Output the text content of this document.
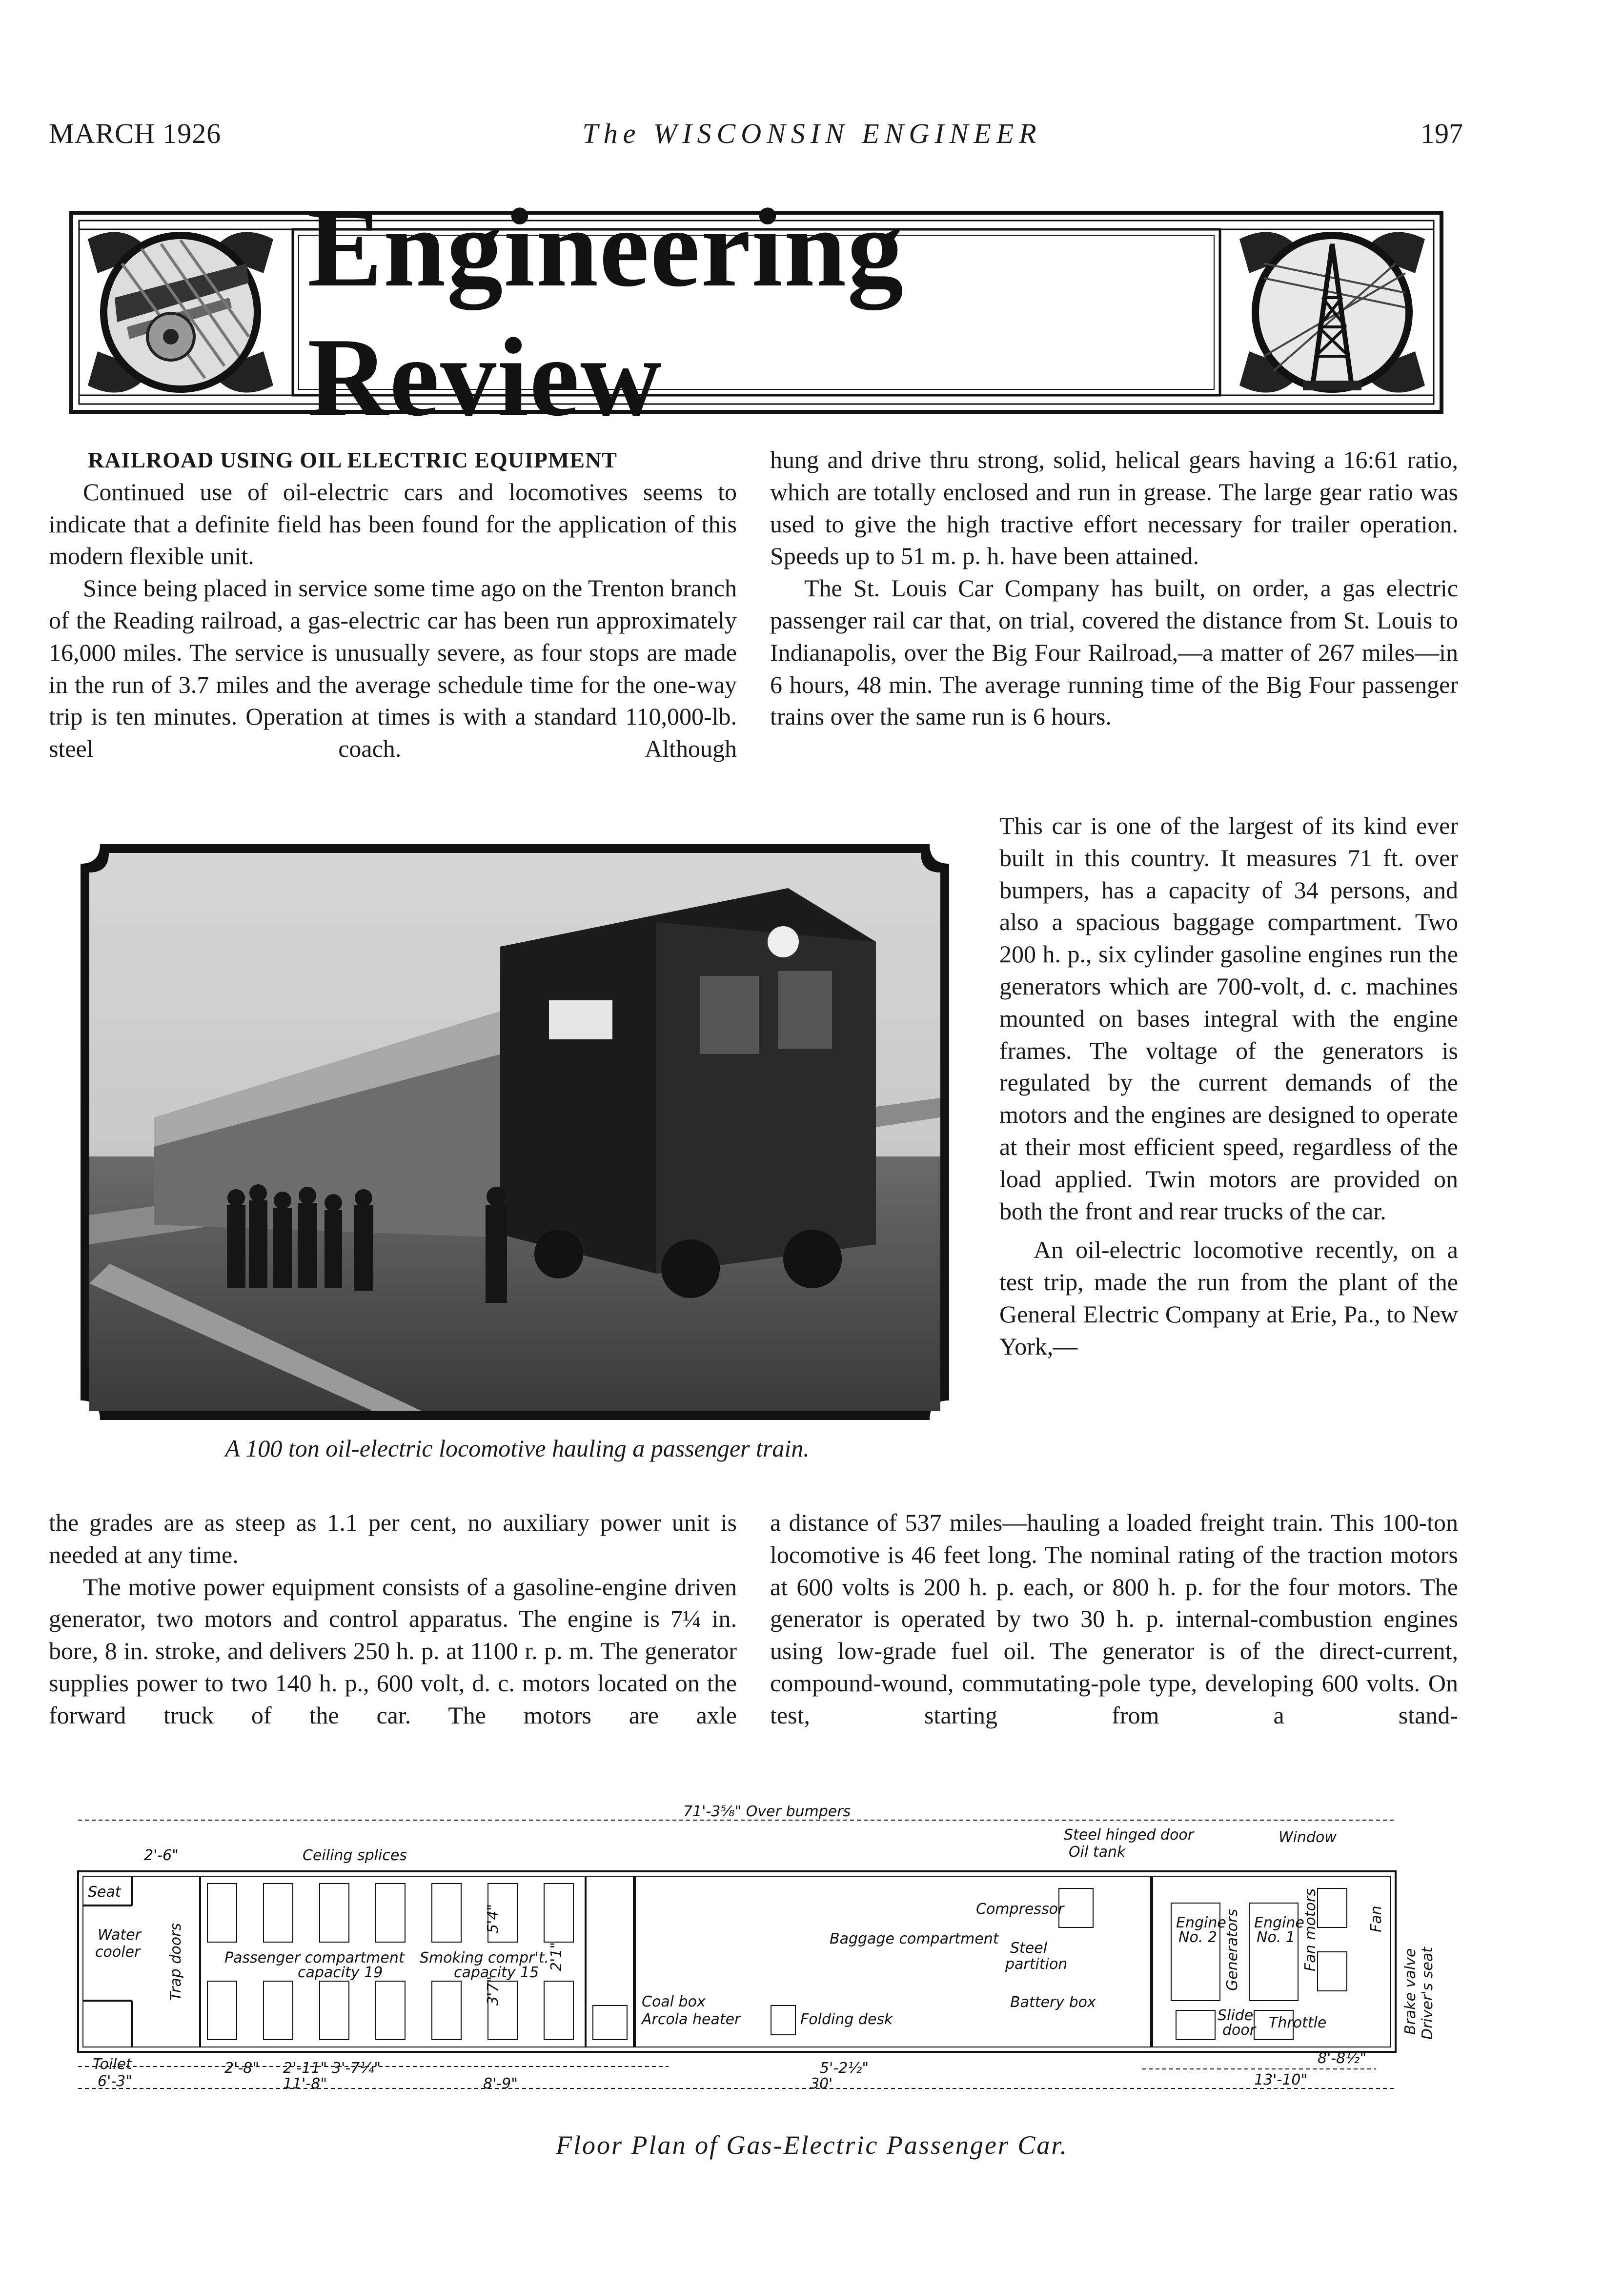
MARCH 1926	The WISCONSIN ENGINEER	197
Engineering Review

RAILROAD USING OIL ELECTRIC EQUIPMENT

Continued use of oil-electric cars and locomotives seems to indicate that a definite field has been found for the application of this modern flexible unit.

Since being placed in service some time ago on the Trenton branch of the Reading railroad, a gas-electric car has been run approximately 16,000 miles. The service is unusually severe, as four stops are made in the run of 3.7 miles and the average schedule time for the one-way trip is ten minutes. Operation at times is with a standard 110,000-lb. steel coach. Although

A 100 ton oil-electric locomotive hauling a passenger train.

the grades are as steep as 1.1 per cent, no auxiliary power unit is needed at any time.

The motive power equipment consists of a gasoline-engine driven generator, two motors and control apparatus. The engine is 7¼ in. bore, 8 in. stroke, and delivers 250 h. p. at 1100 r. p. m. The generator supplies power to two 140 h. p., 600 volt, d. c. motors located on the forward truck of the car. The motors are axle

hung and drive thru strong, solid, helical gears having a 16:61 ratio, which are totally enclosed and run in grease. The large gear ratio was used to give the high tractive effort necessary for trailer operation. Speeds up to 51 m. p. h. have been attained.

The St. Louis Car Company has built, on order, a gas electric passenger rail car that, on trial, covered the distance from St. Louis to Indianapolis, over the Big Four Railroad,—a matter of 267 miles—in 6 hours, 48 min. The average running time of the Big Four passenger trains over the same run is 6 hours.

This car is one of the largest of its kind ever built in this country. It measures 71 ft. over bumpers, has a capacity of 34 persons, and also a spacious baggage compartment. Two 200 h. p., six cylinder gasoline engines run the generators which are 700-volt, d. c. machines mounted on bases integral with the engine frames. The voltage of the generators is regulated by the current demands of the motors and the engines are designed to operate at their most efficient speed, regardless of the load applied. Twin motors are provided on both the front and rear trucks of the car.

An oil-electric locomotive recently, on a test trip, made the run from the plant of the General Electric Company at Erie, Pa., to New York,—

a distance of 537 miles—hauling a loaded freight train. This 100-ton locomotive is 46 feet long. The nominal rating of the traction motors at 600 volts is 200 h. p. each, or 800 h. p. for the four motors. The generator is operated by two 30 h. p. internal-combustion engines using low-grade fuel oil. The generator is of the direct-current, compound-wound, commutating-pole type, developing 600 volts. On test, starting from a stand-

71'-3⅝" Over bumpers
2'-6"	Ceiling splices
Seat
Water
cooler Trap doors	Passenger compartment
capacity 19
Smoking compr't.
capacity 15
5'4"
3'7"
2'1"
Coal box
Arcola heater	Folding desk
Baggage compartment
Compressor
Steel
partition
Battery box
Steel hinged door
Oil tank
Window
Engine
No. 2 Generators Engine
No. 1 Fan motors	Fan
Brake valve Driver's seat
Throttle
Slide
door
Toilet
6'-3"
2'-8" 2'-11" 3'-7¼"
11'-8"	8'-9"
5'-2½"
30'
8'-8½"
13'-10"
Floor Plan of Gas-Electric Passenger Car.
